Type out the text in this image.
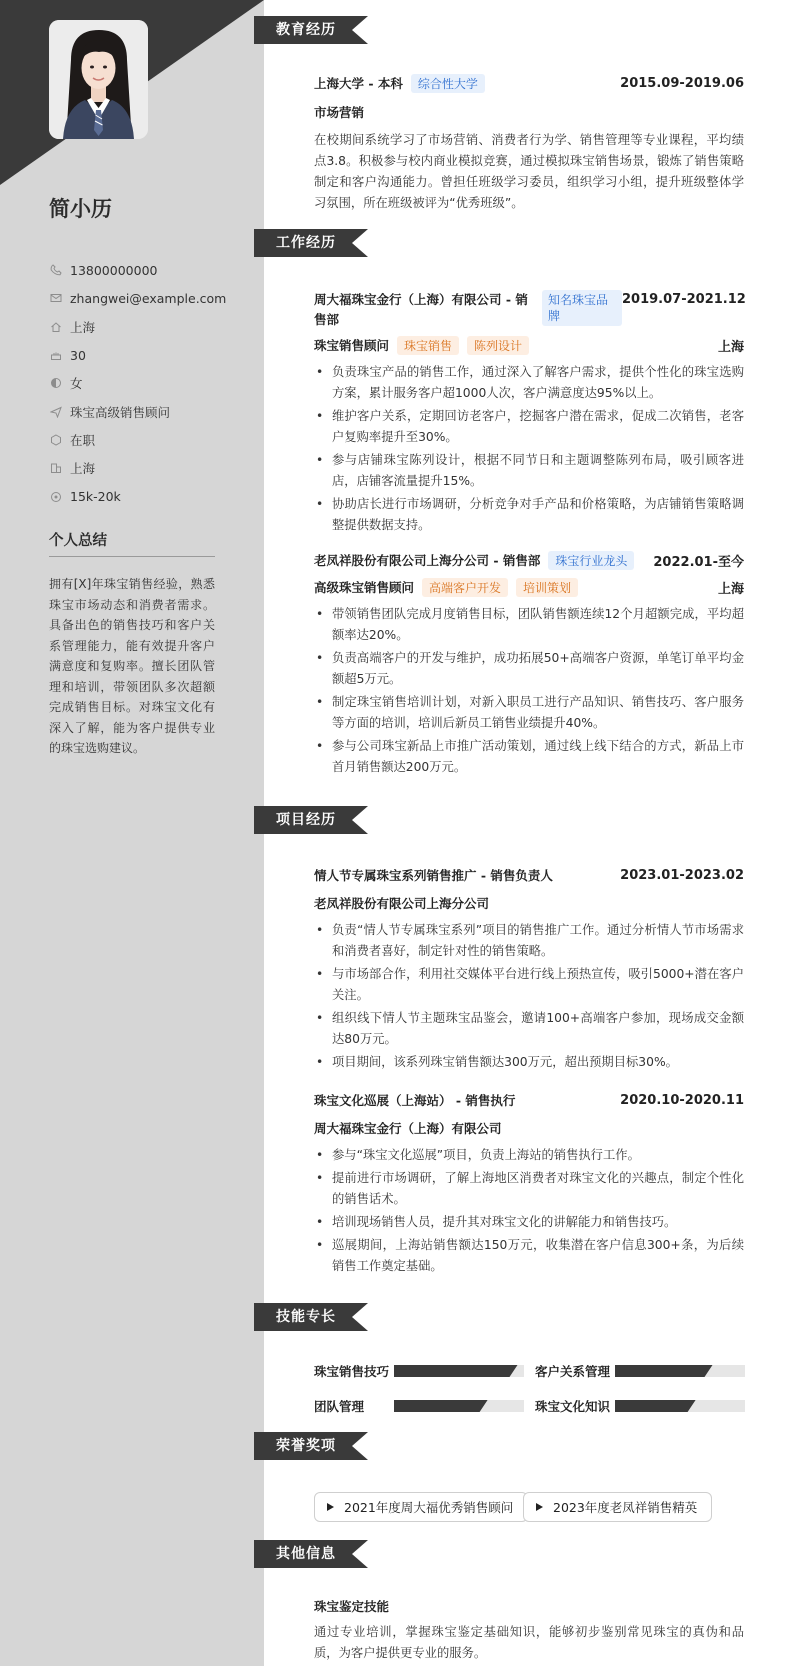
简小历
13800000000
zhangwei@example.com
上海
30
女
珠宝高级销售顾问
在职
上海
15k-20k
个人总结
拥有[X]年珠宝销售经验，熟悉珠宝市场动态和消费者需求。具备出色的销售技巧和客户关系管理能力，能有效提升客户满意度和复购率。擅长团队管理和培训，带领团队多次超额完成销售目标。对珠宝文化有深入了解，能为客户提供专业的珠宝选购建议。
教育经历
上海大学 - 本科 综合性大学	2015.09-2019.06
市场营销
在校期间系统学习了市场营销、消费者行为学、销售管理等专业课程，平均绩点3.8。积极参与校内商业模拟竞赛，通过模拟珠宝销售场景，锻炼了销售策略制定和客户沟通能力。曾担任班级学习委员，组织学习小组，提升班级整体学习氛围，所在班级被评为“优秀班级”。
工作经历
周大福珠宝金行（上海）有限公司 - 销售部
知名珠宝品牌
2019.07-2021.12
珠宝销售顾问 珠宝销售 陈列设计	上海
• 负责珠宝产品的销售工作，通过深入了解客户需求，提供个性化的珠宝选购方案，累计服务客户超1000人次，客户满意度达95%以上。
• 维护客户关系，定期回访老客户，挖掘客户潜在需求，促成二次销售，老客户复购率提升至30%。
• 参与店铺珠宝陈列设计，根据不同节日和主题调整陈列布局，吸引顾客进店，店铺客流量提升15%。
• 协助店长进行市场调研，分析竞争对手产品和价格策略，为店铺销售策略调整提供数据支持。
老凤祥股份有限公司上海分公司 - 销售部 珠宝行业龙头	2022.01-至今
高级珠宝销售顾问 高端客户开发 培训策划	上海
• 带领销售团队完成月度销售目标，团队销售额连续12个月超额完成，平均超额率达20%。
• 负责高端客户的开发与维护，成功拓展50+高端客户资源，单笔订单平均金额超5万元。
• 制定珠宝销售培训计划，对新入职员工进行产品知识、销售技巧、客户服务等方面的培训，培训后新员工销售业绩提升40%。
• 参与公司珠宝新品上市推广活动策划，通过线上线下结合的方式，新品上市首月销售额达200万元。
项目经历
情人节专属珠宝系列销售推广 - 销售负责人	2023.01-2023.02
老凤祥股份有限公司上海分公司
• 负责“情人节专属珠宝系列”项目的销售推广工作。通过分析情人节市场需求和消费者喜好，制定针对性的销售策略。
• 与市场部合作，利用社交媒体平台进行线上预热宣传，吸引5000+潜在客户关注。
• 组织线下情人节主题珠宝品鉴会，邀请100+高端客户参加，现场成交金额达80万元。
• 项目期间，该系列珠宝销售额达300万元，超出预期目标30%。
珠宝文化巡展（上海站） - 销售执行	2020.10-2020.11
周大福珠宝金行（上海）有限公司
• 参与“珠宝文化巡展”项目，负责上海站的销售执行工作。
• 提前进行市场调研，了解上海地区消费者对珠宝文化的兴趣点，制定个性化的销售话术。
• 培训现场销售人员，提升其对珠宝文化的讲解能力和销售技巧。
• 巡展期间，上海站销售额达150万元，收集潜在客户信息300+条，为后续销售工作奠定基础。
技能专长
珠宝销售技巧	客户关系管理
团队管理	珠宝文化知识
荣誉奖项
2021年度周大福优秀销售顾问	2023年度老凤祥销售精英
其他信息
珠宝鉴定技能
通过专业培训，掌握珠宝鉴定基础知识，能够初步鉴别常见珠宝的真伪和品质，为客户提供更专业的服务。
